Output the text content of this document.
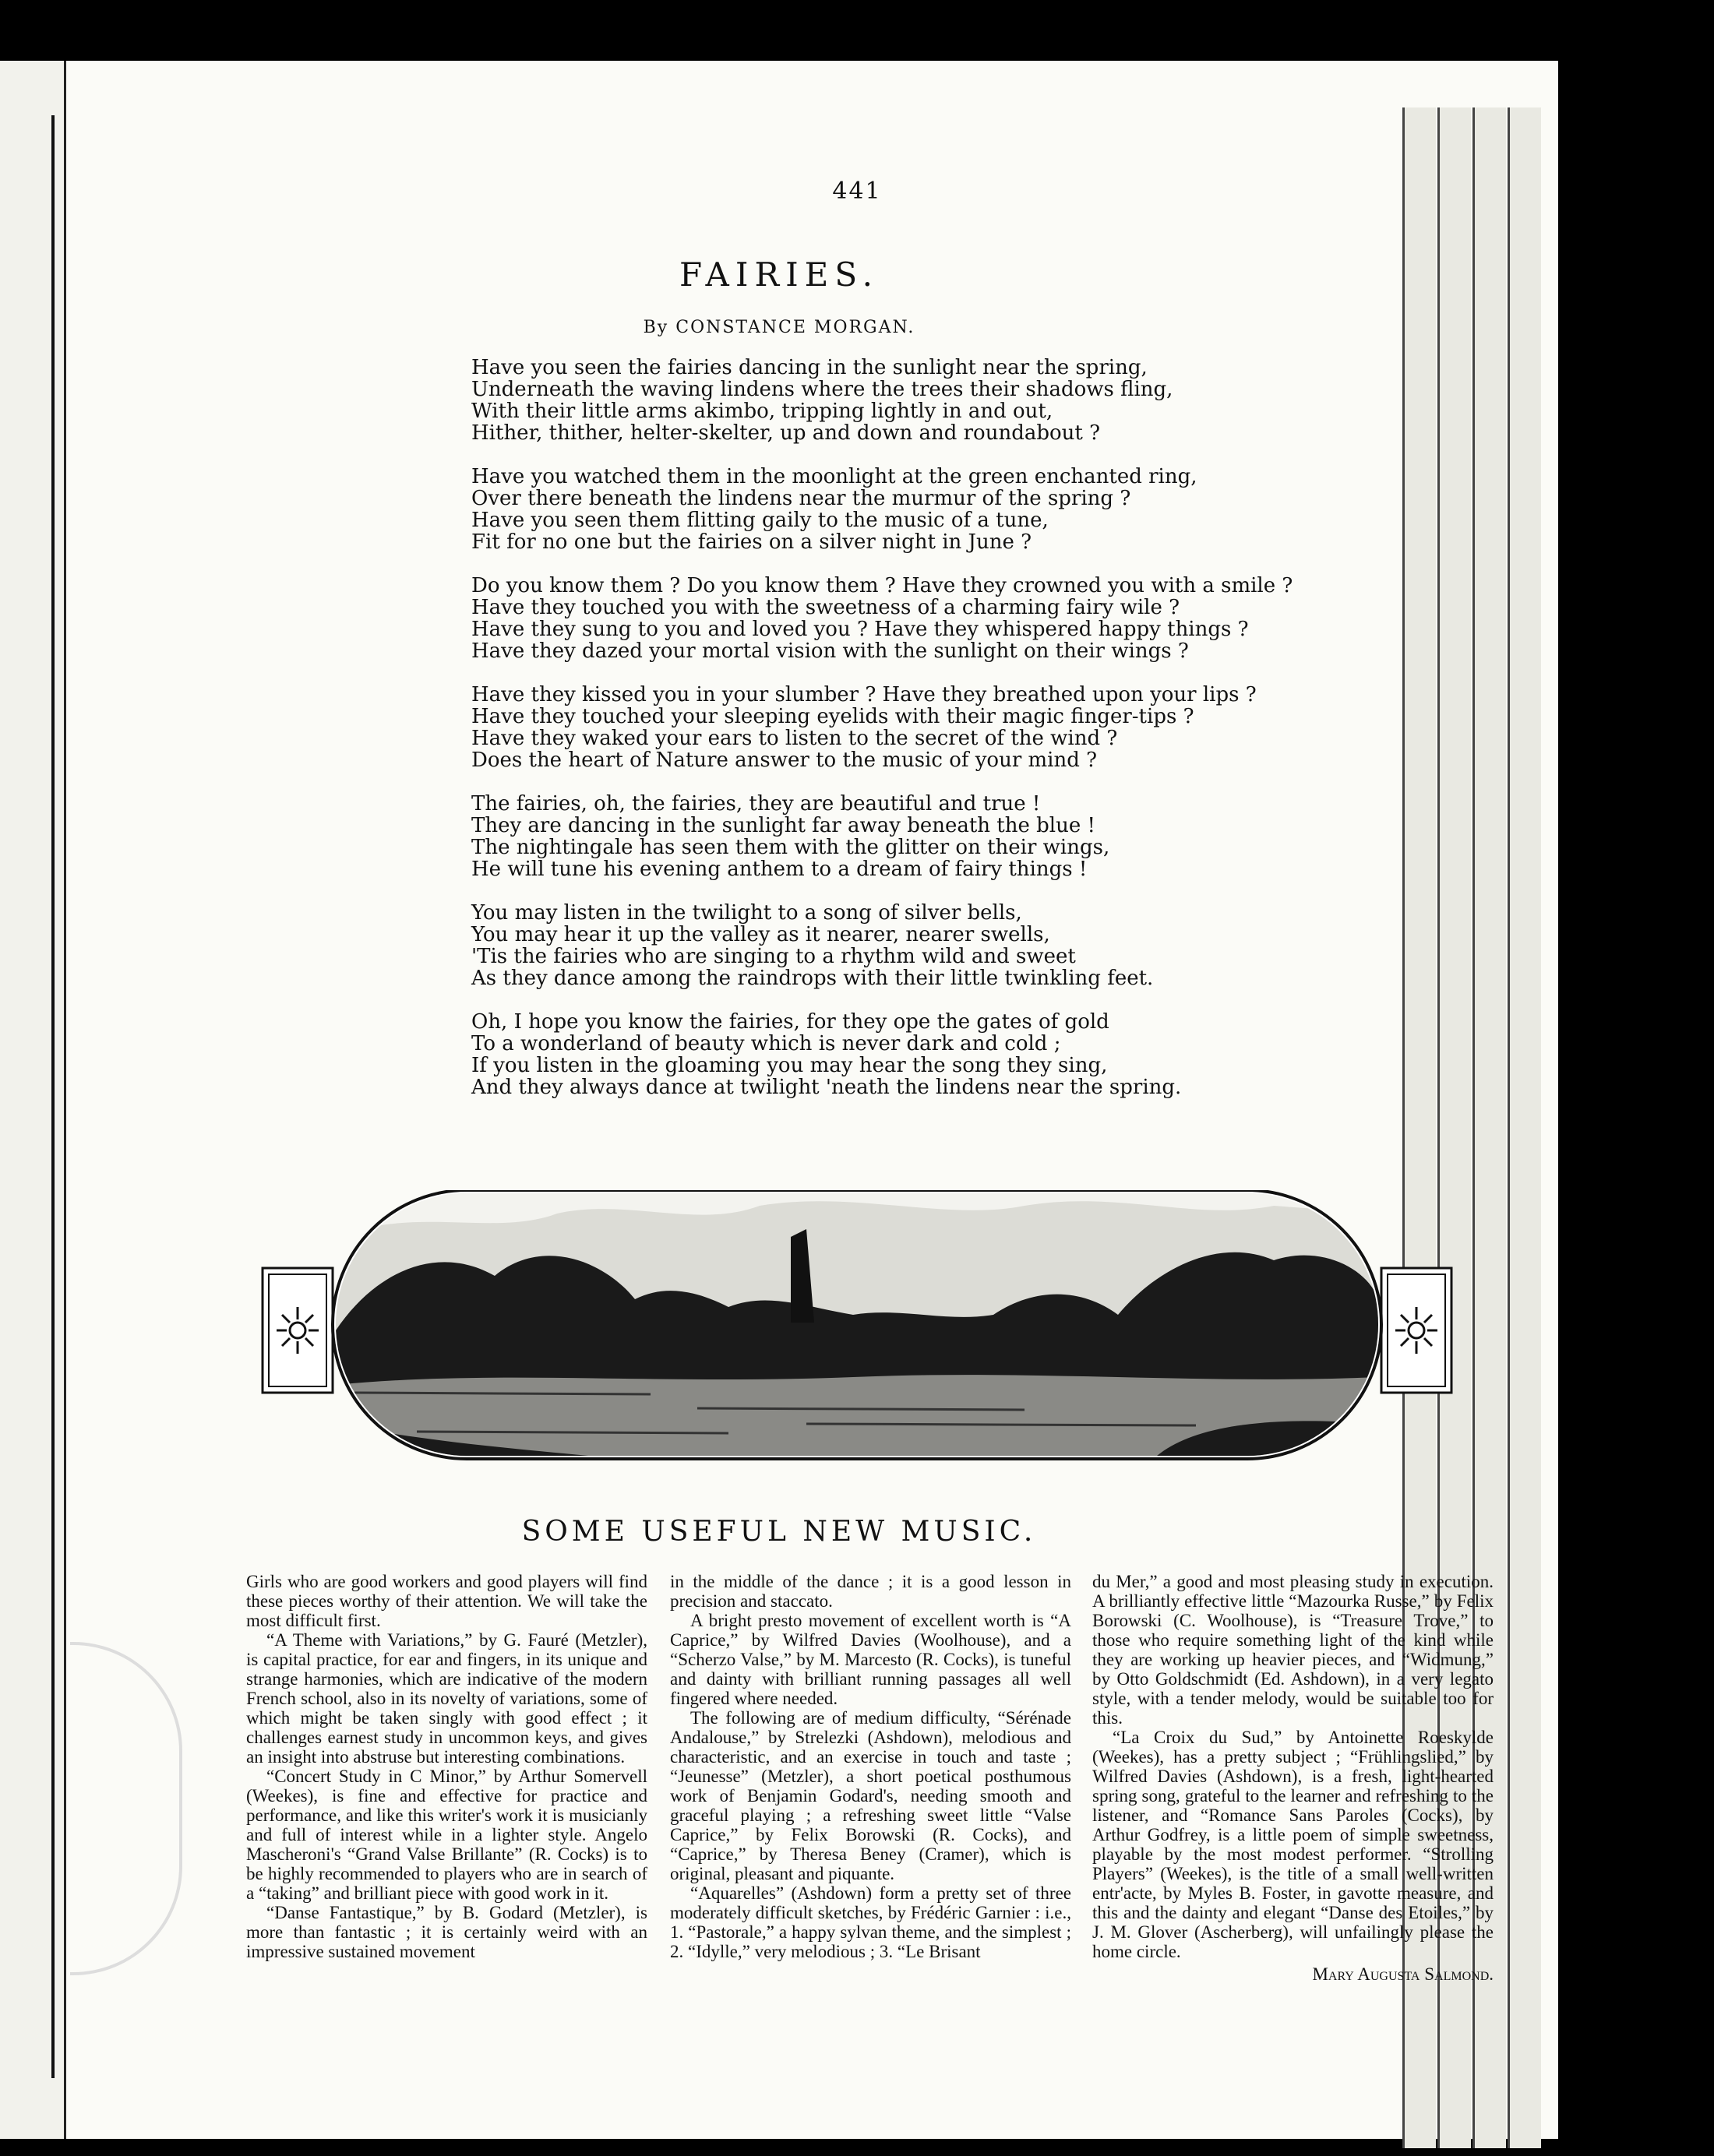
441
FAIRIES.
By CONSTANCE MORGAN.
Have you seen the fairies dancing in the sunlight near the spring,
Underneath the waving lindens where the trees their shadows fling,
With their little arms akimbo, tripping lightly in and out,
Hither, thither, helter-skelter, up and down and roundabout ?
Have you watched them in the moonlight at the green enchanted ring,
Over there beneath the lindens near the murmur of the spring ?
Have you seen them flitting gaily to the music of a tune,
Fit for no one but the fairies on a silver night in June ?
Do you know them ? Do you know them ? Have they crowned you with a smile ?
Have they touched you with the sweetness of a charming fairy wile ?
Have they sung to you and loved you ? Have they whispered happy things ?
Have they dazed your mortal vision with the sunlight on their wings ?
Have they kissed you in your slumber ? Have they breathed upon your lips ?
Have they touched your sleeping eyelids with their magic finger-tips ?
Have they waked your ears to listen to the secret of the wind ?
Does the heart of Nature answer to the music of your mind ?
The fairies, oh, the fairies, they are beautiful and true !
They are dancing in the sunlight far away beneath the blue !
The nightingale has seen them with the glitter on their wings,
He will tune his evening anthem to a dream of fairy things !
You may listen in the twilight to a song of silver bells,
You may hear it up the valley as it nearer, nearer swells,
'Tis the fairies who are singing to a rhythm wild and sweet
As they dance among the raindrops with their little twinkling feet.
Oh, I hope you know the fairies, for they ope the gates of gold
To a wonderland of beauty which is never dark and cold ;
If you listen in the gloaming you may hear the song they sing,
And they always dance at twilight 'neath the lindens near the spring.
SOME USEFUL NEW MUSIC.

Girls who are good workers and good players will find these pieces worthy of their attention. We will take the most difficult first.

“A Theme with Variations,” by G. Fauré (Metzler), is capital practice, for ear and fingers, in its unique and strange harmonies, which are indicative of the modern French school, also in its novelty of variations, some of which might be taken singly with good effect ; it challenges earnest study in uncommon keys, and gives an insight into abstruse but interesting combinations.

“Concert Study in C Minor,” by Arthur Somervell (Weekes), is fine and effective for practice and performance, and like this writer's work it is musicianly and full of interest while in a lighter style. Angelo Mascheroni's “Grand Valse Brillante” (R. Cocks) is to be highly recommended to players who are in search of a “taking” and brilliant piece with good work in it.

“Danse Fantastique,” by B. Godard (Metzler), is more than fantastic ; it is certainly weird with an impressive sustained movement

in the middle of the dance ; it is a good lesson in precision and staccato.

A bright presto movement of excellent worth is “A Caprice,” by Wilfred Davies (Woolhouse), and a “Scherzo Valse,” by M. Marcesto (R. Cocks), is tuneful and dainty with brilliant running passages all well fingered where needed.

The following are of medium difficulty, “Sérénade Andalouse,” by Strelezki (Ashdown), melodious and characteristic, and an exercise in touch and taste ; “Jeunesse” (Metzler), a short poetical posthumous work of Benjamin Godard's, needing smooth and graceful playing ; a refreshing sweet little “Valse Caprice,” by Felix Borowski (R. Cocks), and “Caprice,” by Theresa Beney (Cramer), which is original, pleasant and piquante.

“Aquarelles” (Ashdown) form a pretty set of three moderately difficult sketches, by Frédéric Garnier : i.e., 1. “Pastorale,” a happy sylvan theme, and the simplest ; 2. “Idylle,” very melodious ; 3. “Le Brisant

du Mer,” a good and most pleasing study in execution. A brilliantly effective little “Mazourka Russe,” by Felix Borowski (C. Woolhouse), is “Treasure Trove,” to those who require something light of the kind while they are working up heavier pieces, and “Widmung,” by Otto Goldschmidt (Ed. Ashdown), in a very legato style, with a tender melody, would be suitable too for this.

“La Croix du Sud,” by Antoinette Roeskylde (Weekes), has a pretty subject ; “Frühlingslied,” by Wilfred Davies (Ashdown), is a fresh, light-hearted spring song, grateful to the learner and refreshing to the listener, and “Romance Sans Paroles (Cocks), by Arthur Godfrey, is a little poem of simple sweetness, playable by the most modest performer. “Strolling Players” (Weekes), is the title of a small well-written entr'acte, by Myles B. Foster, in gavotte measure, and this and the dainty and elegant “Danse des Etoiles,” by J. M. Glover (Ascherberg), will unfailingly please the home circle.

Mary Augusta Salmond.
